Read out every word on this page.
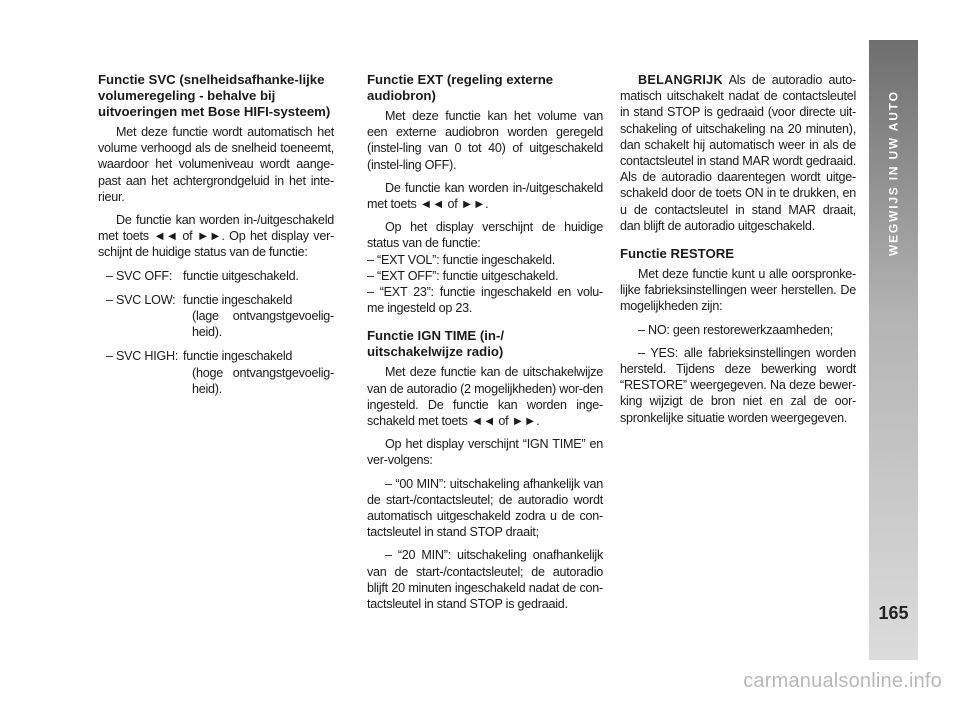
Functie SVC (snelheidsafhanke-lijke volumeregeling - behalve bij uitvoeringen met Bose HIFI-systeem)

Met deze functie wordt automatisch het volume verhoogd als de snelheid toeneemt, waardoor het volumeniveau wordt aange-past aan het achtergrondgeluid in het inte-rieur.

De functie kan worden in-/uitgeschakeld met toets ◄◄ of ►►. Op het display ver-schijnt de huidige status van de functie:

– SVC OFF: functie uitgeschakeld.
– SVC LOW: functie ingeschakeld
(lage ontvangstgevoelig-heid).
– SVC HIGH: functie ingeschakeld
(hoge ontvangstgevoelig-heid).
Functie EXT (regeling externe audiobron)

Met deze functie kan het volume van een externe audiobron worden geregeld (instel-ling van 0 tot 40) of uitgeschakeld (instel-ling OFF).

De functie kan worden in-/uitgeschakeld met toets ◄◄ of ►►.

Op het display verschijnt de huidige status van de functie:

– “EXT VOL”: functie ingeschakeld.
– “EXT OFF”: functie uitgeschakeld.
– “EXT 23”: functie ingeschakeld en volu-me ingesteld op 23.
Functie IGN TIME (in-/ uitschakelwijze radio)

Met deze functie kan de uitschakelwijze van de autoradio (2 mogelijkheden) wor-den ingesteld. De functie kan worden inge-schakeld met toets ◄◄ of ►►.

Op het display verschijnt “IGN TIME” en ver-volgens:

– “00 MIN”: uitschakeling afhankelijk van de start-/contactsleutel; de autoradio wordt automatisch uitgeschakeld zodra u de con-tactsleutel in stand STOP draait;

– “20 MIN”: uitschakeling onafhankelijk van de start-/contactsleutel; de autoradio blijft 20 minuten ingeschakeld nadat de con-tactsleutel in stand STOP is gedraaid.

BELANGRIJK Als de autoradio auto-matisch uitschakelt nadat de contactsleutel in stand STOP is gedraaid (voor directe uit-schakeling of uitschakeling na 20 minuten), dan schakelt hij automatisch weer in als de contactsleutel in stand MAR wordt gedraaid. Als de autoradio daarentegen wordt uitge-schakeld door de toets ON in te drukken, en u de contactsleutel in stand MAR draait, dan blijft de autoradio uitgeschakeld.

Functie RESTORE

Met deze functie kunt u alle oorspronke-lijke fabrieksinstellingen weer herstellen. De mogelijkheden zijn:

– NO: geen restorewerkzaamheden;

– YES: alle fabrieksinstellingen worden hersteld. Tijdens deze bewerking wordt “RESTORE” weergegeven. Na deze bewer-king wijzigt de bron niet en zal de oor-spronkelijke situatie worden weergegeven.

WEGWIJS IN UW AUTO
165
carmanualsonline.info
